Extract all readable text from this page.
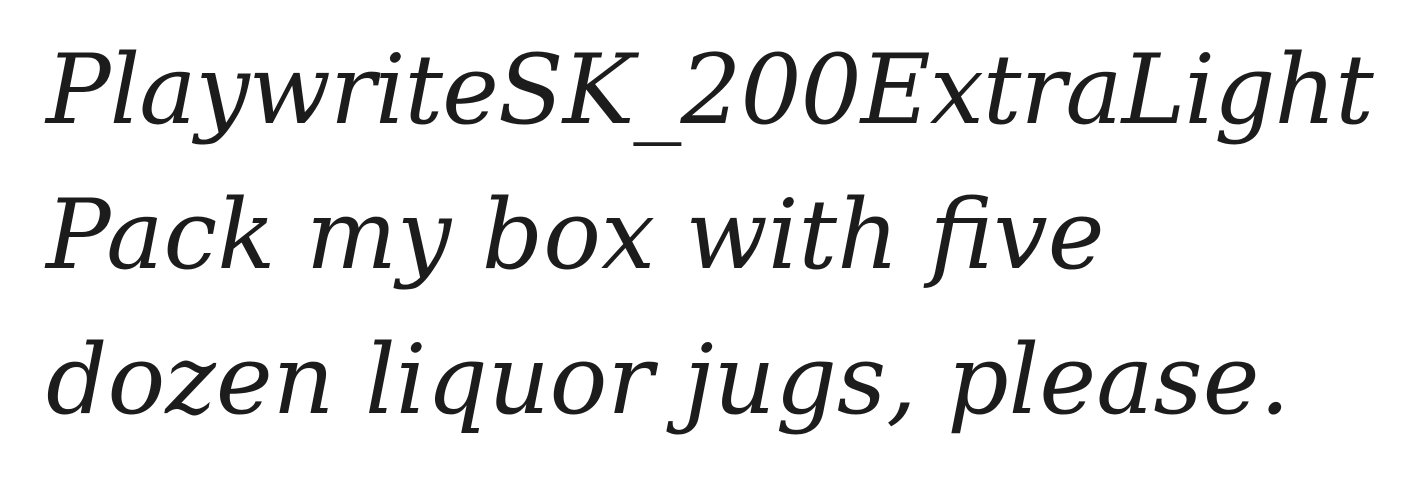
PlaywriteSK_200ExtraLight
Pack my box with five
dozen liquor jugs, please.
